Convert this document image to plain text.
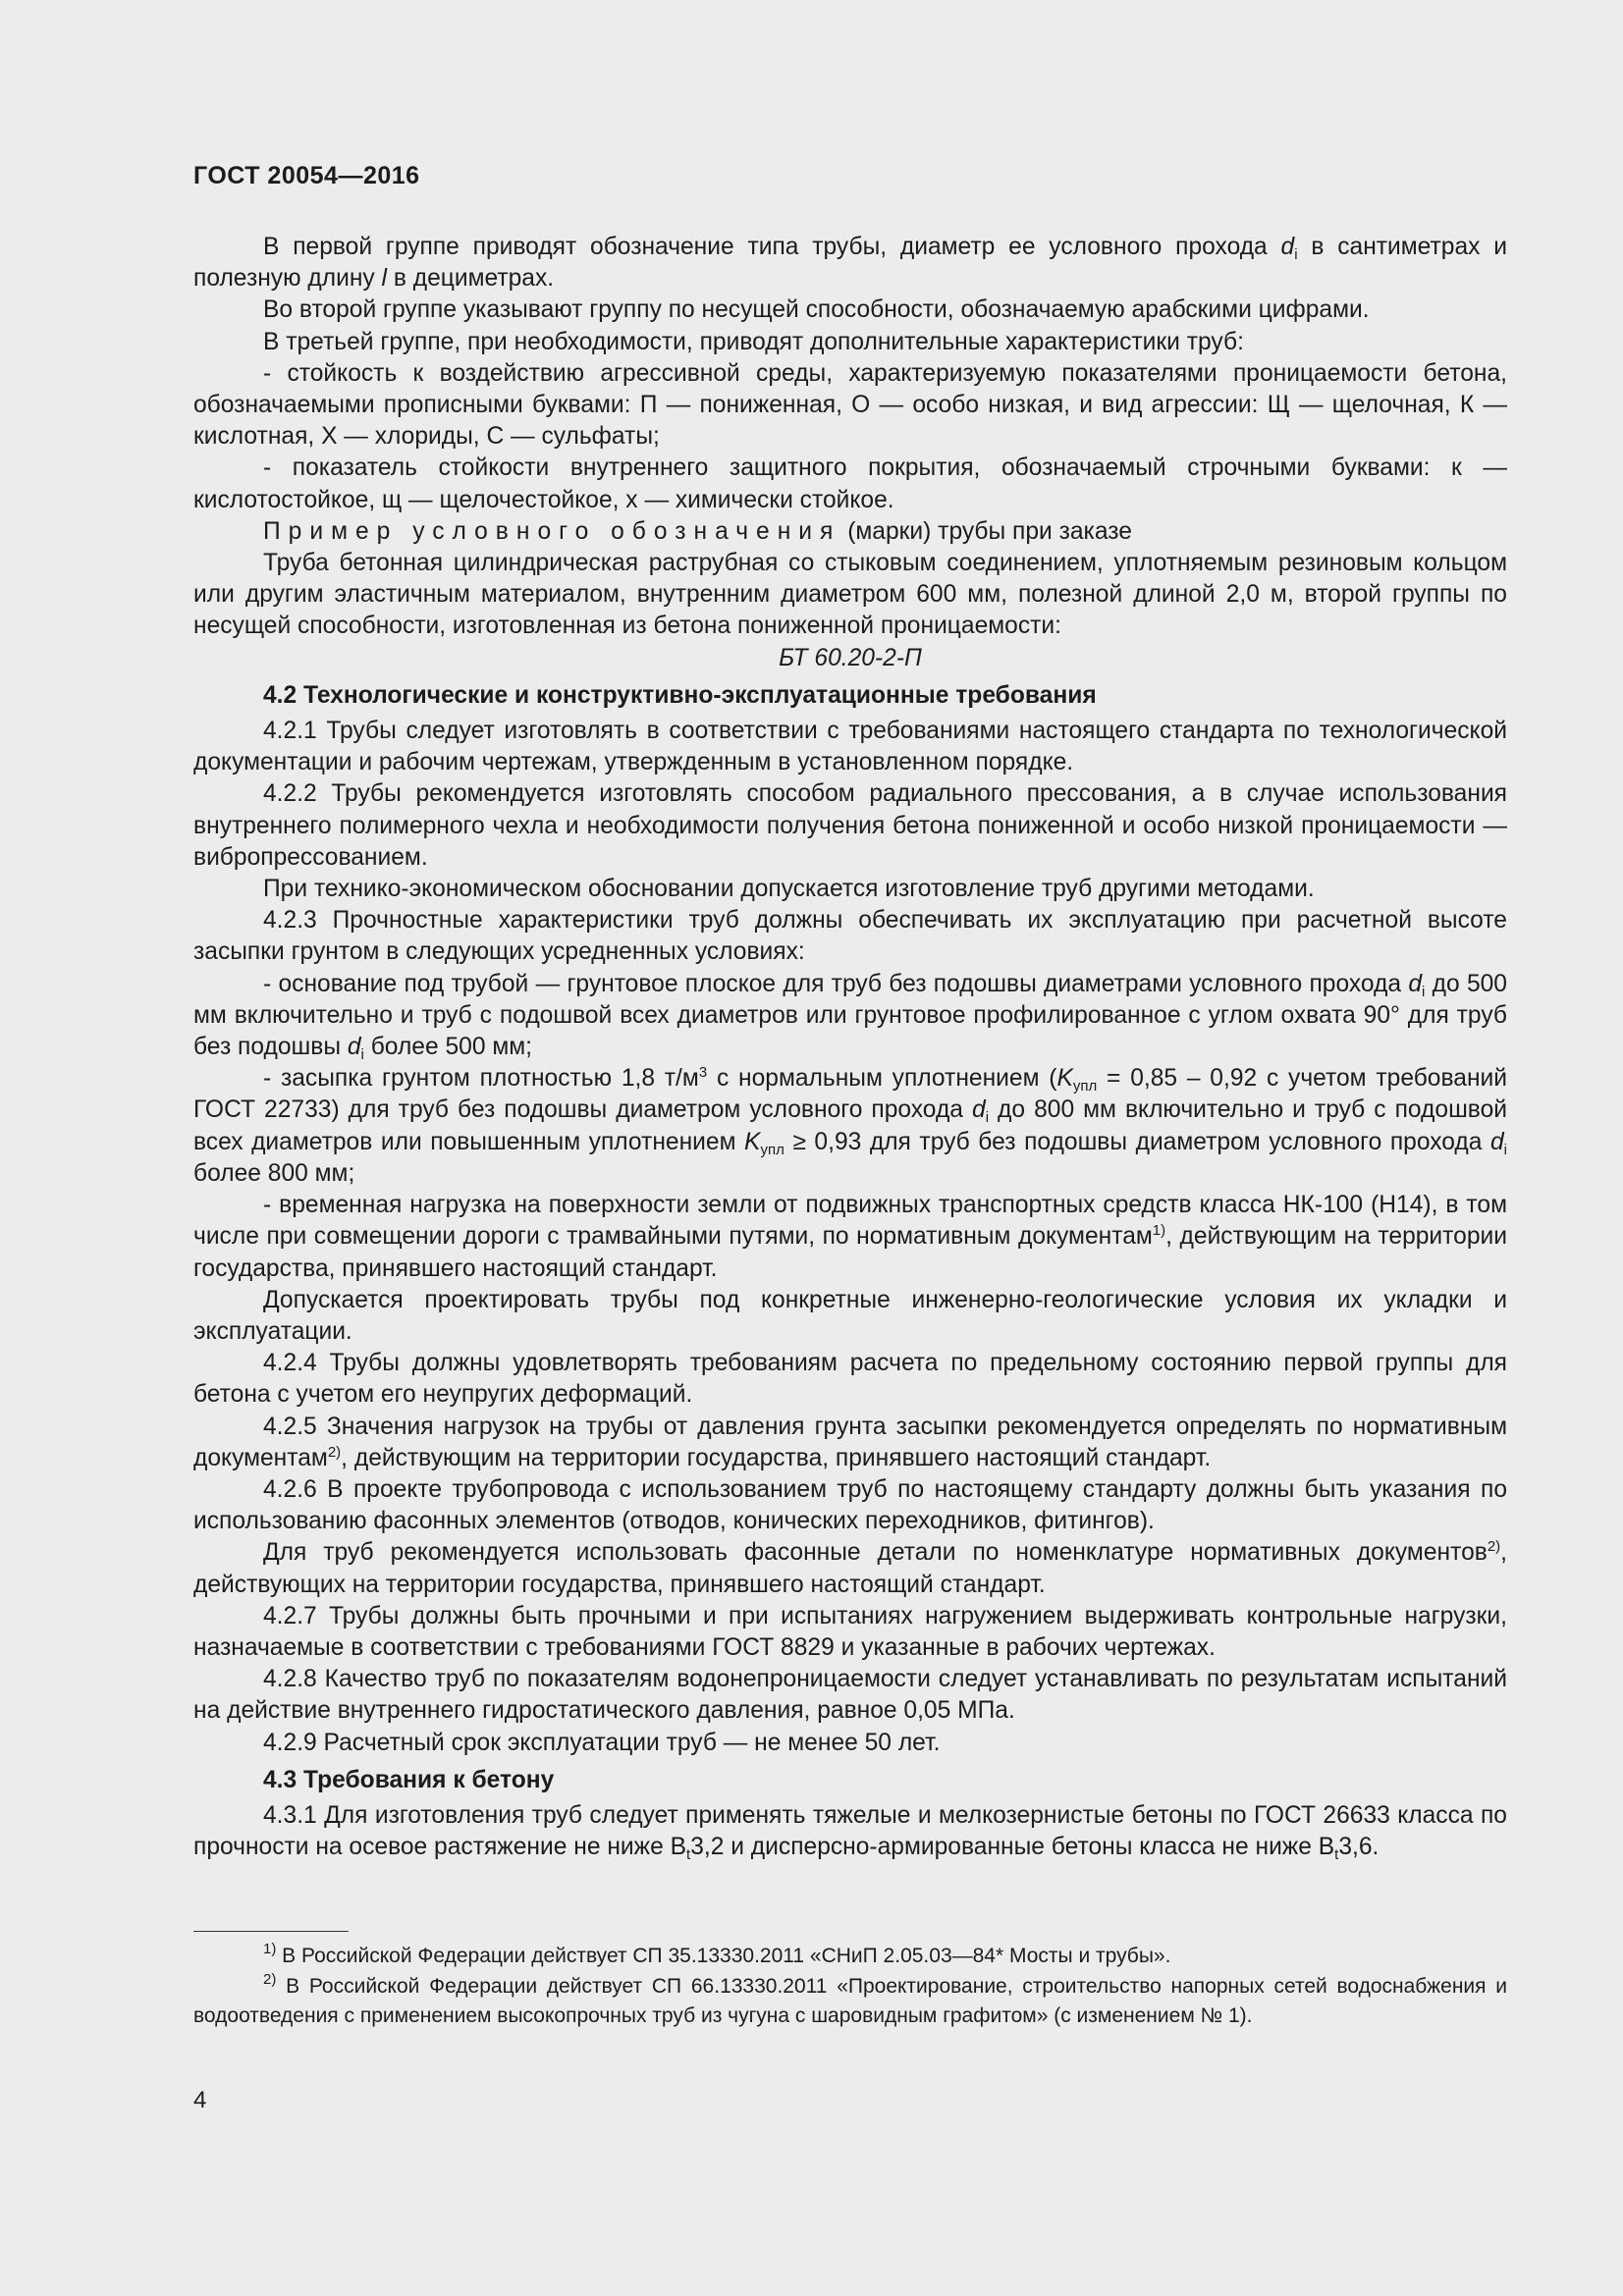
ГОСТ 20054—2016

В первой группе приводят обозначение типа трубы, диаметр ее условного прохода $d_i$ в сантиметрах и полезную длину l в дециметрах.

Во второй группе указывают группу по несущей способности, обозначаемую арабскими цифрами.

В третьей группе, при необходимости, приводят дополнительные характеристики труб:

- стойкость к воздействию агрессивной среды, характеризуемую показателями проницаемости бетона, обозначаемыми прописными буквами: П — пониженная, О — особо низкая, и вид агрессии: Щ — щелочная, К — кислотная, Х — хлориды, С — сульфаты;

- показатель стойкости внутреннего защитного покрытия, обозначаемый строчными буквами: к — кислотостойкое, щ — щелочестойкое, х — химически стойкое.

Пример условного обозначения (марки) трубы при заказе

Труба бетонная цилиндрическая раструбная со стыковым соединением, уплотняемым резиновым кольцом или другим эластичным материалом, внутренним диаметром 600 мм, полезной длиной 2,0 м, второй группы по несущей способности, изготовленная из бетона пониженной проницаемости:

БТ 60.20-2-П

4.2 Технологические и конструктивно-эксплуатационные требования

4.2.1 Трубы следует изготовлять в соответствии с требованиями настоящего стандарта по технологической документации и рабочим чертежам, утвержденным в установленном порядке.

4.2.2 Трубы рекомендуется изготовлять способом радиального прессования, а в случае использования внутреннего полимерного чехла и необходимости получения бетона пониженной и особо низкой проницаемости — вибропрессованием.

При технико-экономическом обосновании допускается изготовление труб другими методами.

4.2.3 Прочностные характеристики труб должны обеспечивать их эксплуатацию при расчетной высоте засыпки грунтом в следующих усредненных условиях:

- основание под трубой — грунтовое плоское для труб без подошвы диаметрами условного прохода $d_i$ до 500 мм включительно и труб с подошвой всех диаметров или грунтовое профилированное с углом охвата 90° для труб без подошвы $d_i$ более 500 мм;

- засыпка грунтом плотностью 1,8 $т/м^3$ с нормальным уплотнением ($K_{упл} = 0,85 - 0,92$ с учетом требований ГОСТ 22733) для труб без подошвы диаметром условного прохода $d_i$ до 800 мм включительно и труб с подошвой всех диаметров или повышенным уплотнением $K_{упл} \ge 0,93$ для труб без подошвы диаметром условного прохода $d_i$ более 800 мм;

- временная нагрузка на поверхности земли от подвижных транспортных средств класса НК-100 (Н14), в том числе при совмещении дороги с трамвайными путями, по нормативным документам$^{1)}$, действующим на территории государства, принявшего настоящий стандарт.

Допускается проектировать трубы под конкретные инженерно-геологические условия их укладки и эксплуатации.

4.2.4 Трубы должны удовлетворять требованиям расчета по предельному состоянию первой группы для бетона с учетом его неупругих деформаций.

4.2.5 Значения нагрузок на трубы от давления грунта засыпки рекомендуется определять по нормативным документам$^{2)}$, действующим на территории государства, принявшего настоящий стандарт.

4.2.6 В проекте трубопровода с использованием труб по настоящему стандарту должны быть указания по использованию фасонных элементов (отводов, конических переходников, фитингов).

Для труб рекомендуется использовать фасонные детали по номенклатуре нормативных документов$^{2)}$, действующих на территории государства, принявшего настоящий стандарт.

4.2.7 Трубы должны быть прочными и при испытаниях нагружением выдерживать контрольные нагрузки, назначаемые в соответствии с требованиями ГОСТ 8829 и указанные в рабочих чертежах.

4.2.8 Качество труб по показателям водонепроницаемости следует устанавливать по результатам испытаний на действие внутреннего гидростатического давления, равное 0,05 МПа.

4.2.9 Расчетный срок эксплуатации труб — не менее 50 лет.

4.3 Требования к бетону

4.3.1 Для изготовления труб следует применять тяжелые и мелкозернистые бетоны по ГОСТ 26633 класса по прочности на осевое растяжение не ниже $B_t3,2$ и дисперсно-армированные бетоны класса не ниже $B_t3,6$.

$^{1)}$ В Российской Федерации действует СП 35.13330.2011 «СНиП 2.05.03—84* Мосты и трубы».

$^{2)}$ В Российской Федерации действует СП 66.13330.2011 «Проектирование, строительство напорных сетей водоснабжения и водоотведения с применением высокопрочных труб из чугуна с шаровидным графитом» (с изменением № 1).

4
